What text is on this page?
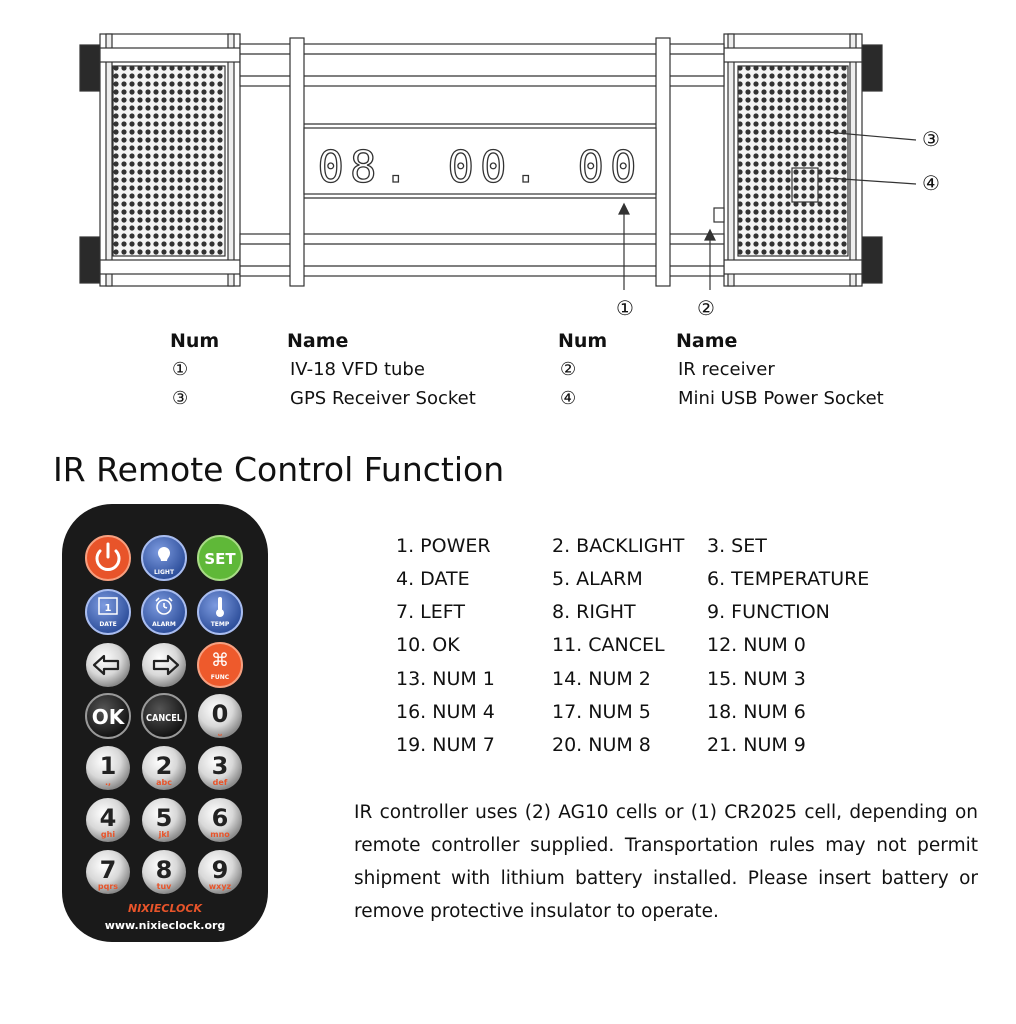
08. 00. 00
①	②
③
④
Num	Name	Num	Name
①	IV-18 VFD tube	②	IR receiver
③	GPS Receiver Socket	④	Mini USB Power Socket
IR Remote Control Function
LIGHT
SET
1
DATE	ALARM	TEMP
⌘
FUNC
OK CANCEL 0
⎵
1
.,
2
abc
3
def
4
ghi
5
jkl
6
mno
7
pqrs
8
tuv
9
wxyz
NIXIECLOCK
www.nixieclock.org
1. POWER	2. BACKLIGHT 3. SET
4. DATE	5. ALARM	6. TEMPERATURE
7. LEFT	8. RIGHT	9. FUNCTION
10. OK	11. CANCEL 12. NUM 0
13. NUM 1	14. NUM 2	15. NUM 3
16. NUM 4	17. NUM 5	18. NUM 6
19. NUM 7	20. NUM 8	21. NUM 9
IR controller uses (2) AG10 cells or (1) CR2025 cell, depending on remote controller supplied. Transportation rules may not permit shipment with lithium battery installed. Please insert battery or remove protective insulator to operate.
